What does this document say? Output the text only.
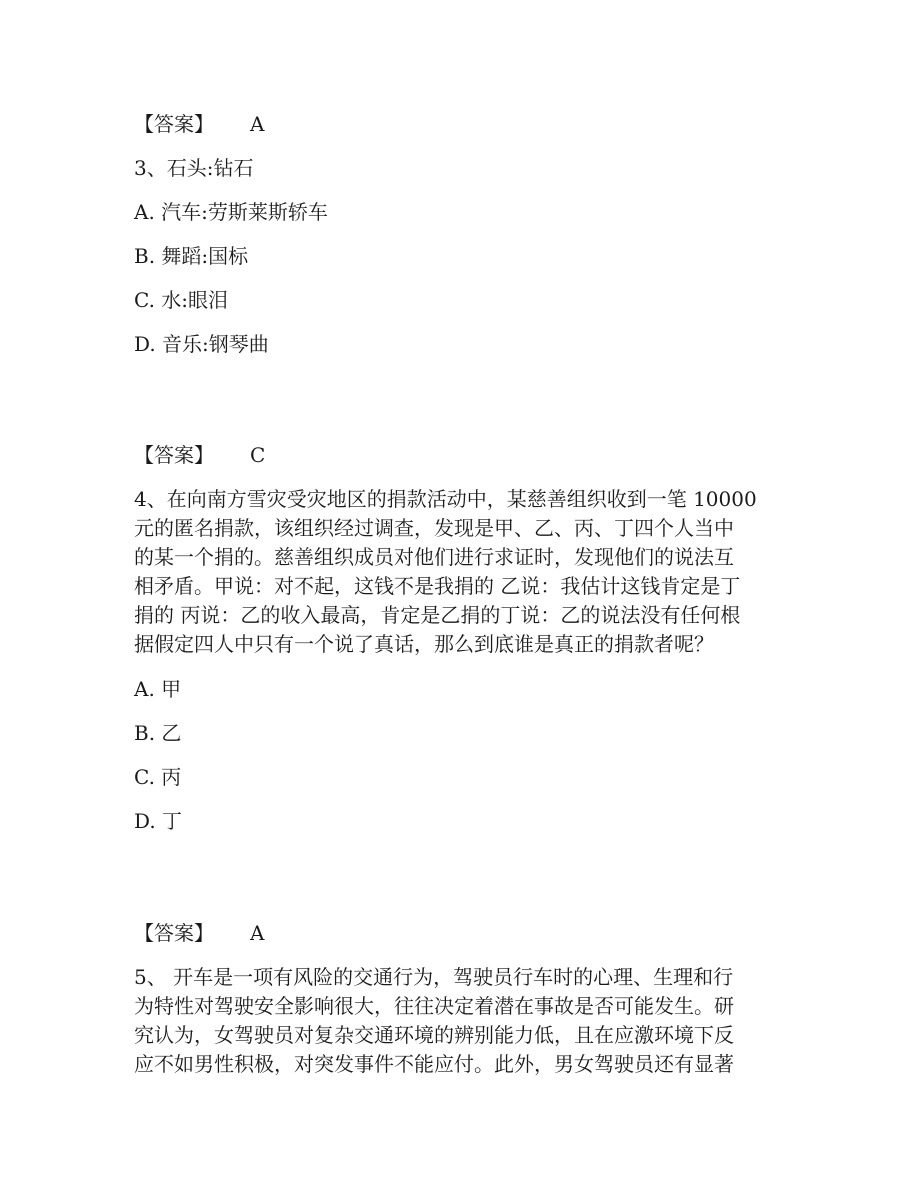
【答案】 A
3、石头:钻石
A. 汽车:劳斯莱斯轿车
B. 舞蹈:国标
C. 水:眼泪
D. 音乐:钢琴曲
【答案】 C
4、在向南方雪灾受灾地区的捐款活动中，某慈善组织收到一笔 10000
元的匿名捐款，该组织经过调查，发现是甲、乙、丙、丁四个人当中
的某一个捐的。慈善组织成员对他们进行求证时，发现他们的说法互
相矛盾。甲说：对不起，这钱不是我捐的 乙说：我估计这钱肯定是丁
捐的 丙说：乙的收入最高，肯定是乙捐的丁说：乙的说法没有任何根
据假定四人中只有一个说了真话，那么到底谁是真正的捐款者呢？
A. 甲
B. 乙
C. 丙
D. 丁
【答案】 A
5、 开车是一项有风险的交通行为，驾驶员行车时的心理、生理和行
为特性对驾驶安全影响很大，往往决定着潜在事故是否可能发生。研
究认为，女驾驶员对复杂交通环境的辨别能力低，且在应激环境下反
应不如男性积极，对突发事件不能应付。此外，男女驾驶员还有显著
